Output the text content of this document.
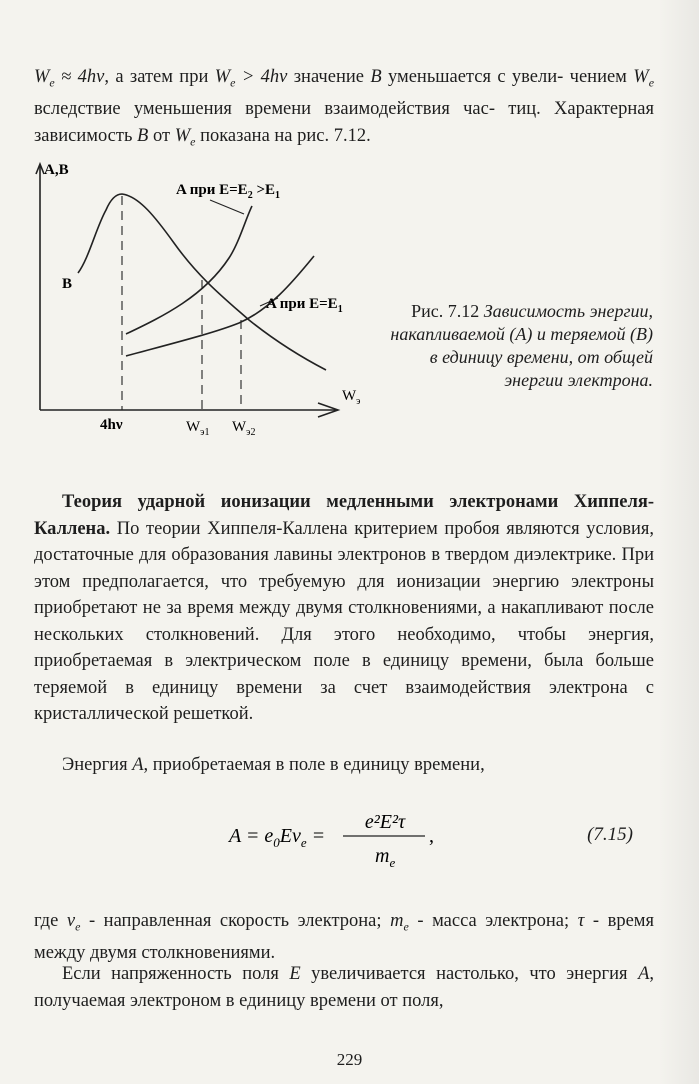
$W_e \approx 4h\nu$, а затем при $W_e > 4h\nu$ значение B уменьшается с увели- чением $W_e$ вследствие уменьшения времени взаимодействия час- тиц. Характерная зависимость B от $W_e$ показана на рис. 7.12.

A,B
B
A при $E=E_2 >E_1$
A при $E=E_1$
$W_э$
4hν	$W_{э1}$ $W_{э2}$

Рис. 7.12 Зависимость энергии, накапливаемой (A) и теряемой (B) в единицу времени, от общей энергии электрона.

Теория ударной ионизации медленными электронами Хиппеля-Каллена. По теории Хиппеля-Каллена критерием пробоя являются условия, достаточные для образования лавины электронов в твердом диэлектрике. При этом предполагается, что требуемую для ионизации энергию электроны приобретают не за время между двумя столкновениями, а накапливают после нескольких столкновений. Для этого необходимо, чтобы энергия, приобретаемая в электрическом поле в единицу времени, была больше теряемой в единицу времени за счет взаимодействия электрона с кристаллической решеткой.

Энергия A, приобретаемая в поле в единицу времени,

$A = e_0Ev_e$ =
e²E²τ
$m_e$
,	(7.15)

где $v_e$ - направленная скорость электрона; $m_e$ - масса электрона; τ - время между двумя столкновениями.

Если напряженность поля E увеличивается настолько, что энергия A, получаемая электроном в единицу времени от поля,

229
